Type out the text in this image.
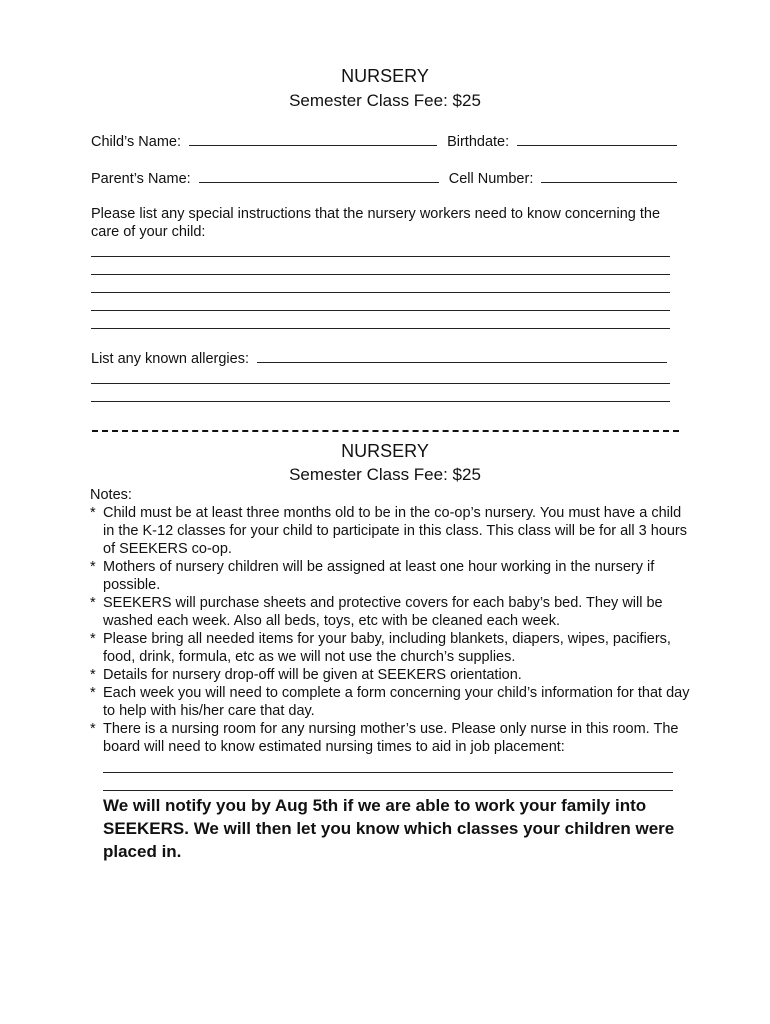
NURSERY
Semester Class Fee: $25
Child’s Name:	Birthdate:
Parent’s Name:	Cell Number:
Please list any special instructions that the nursery workers need to know concerning the care of your child:
List any known allergies:
NURSERY
Semester Class Fee: $25
Notes:
* Child must be at least three months old to be in the co-op’s nursery. You must have a child in the K-12 classes for your child to participate in this class. This class will be for all 3 hours of SEEKERS co-op.
* Mothers of nursery children will be assigned at least one hour working in the nursery if possible.
* SEEKERS will purchase sheets and protective covers for each baby’s bed. They will be washed each week. Also all beds, toys, etc with be cleaned each week.
* Please bring all needed items for your baby, including blankets, diapers, wipes, pacifiers, food, drink, formula, etc as we will not use the church’s supplies.
* Details for nursery drop-off will be given at SEEKERS orientation.
* Each week you will need to complete a form concerning your child’s information for that day to help with his/her care that day.
* There is a nursing room for any nursing mother’s use. Please only nurse in this room. The board will need to know estimated nursing times to aid in job placement:
We will notify you by Aug 5th if we are able to work your family into SEEKERS. We will then let you know which classes your children were placed in.
